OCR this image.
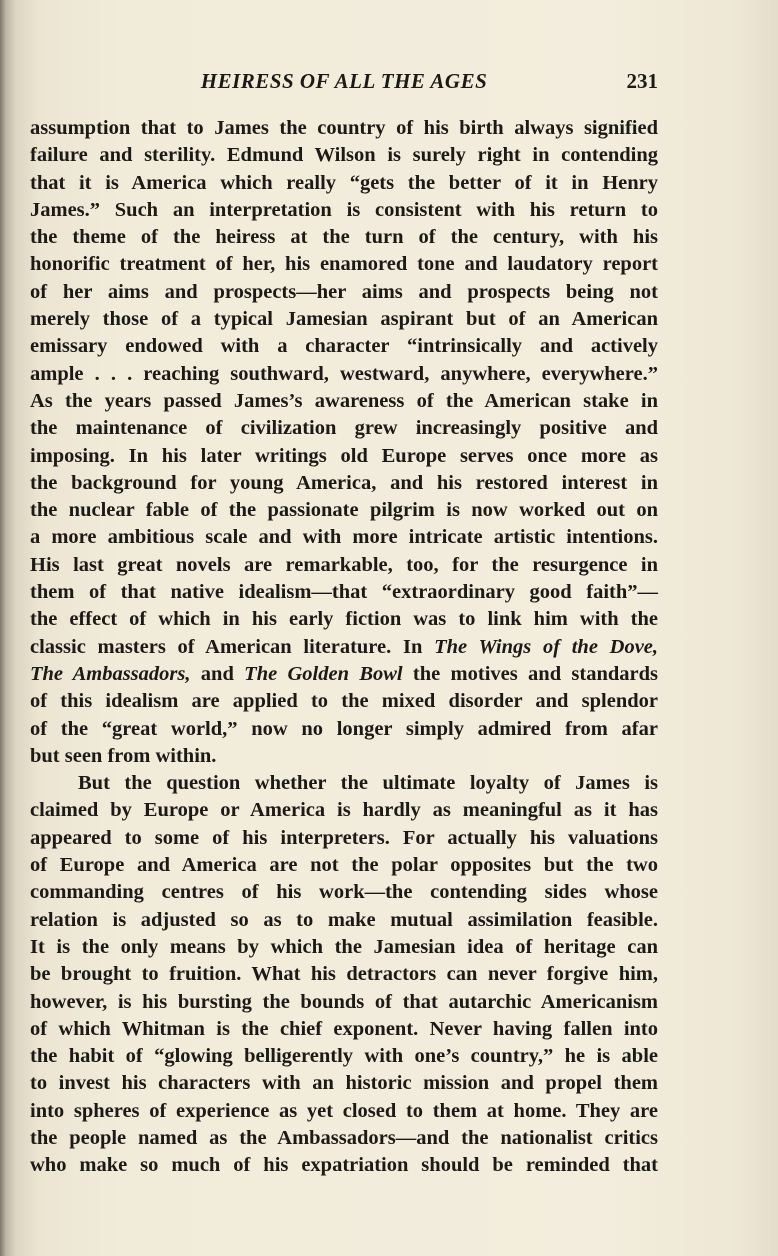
HEIRESS OF ALL THE AGES	231
assumption that to James the country of his birth always signified
failure and sterility. Edmund Wilson is surely right in contending
that it is America which really “gets the better of it in Henry
James.” Such an interpretation is consistent with his return to
the theme of the heiress at the turn of the century, with his
honorific treatment of her, his enamored tone and laudatory report
of her aims and prospects—her aims and prospects being not
merely those of a typical Jamesian aspirant but of an American
emissary endowed with a character “intrinsically and actively
ample . . . reaching southward, westward, anywhere, everywhere.”
As the years passed James’s awareness of the American stake in
the maintenance of civilization grew increasingly positive and
imposing. In his later writings old Europe serves once more as
the background for young America, and his restored interest in
the nuclear fable of the passionate pilgrim is now worked out on
a more ambitious scale and with more intricate artistic intentions.
His last great novels are remarkable, too, for the resurgence in
them of that native idealism—that “extraordinary good faith”—
the effect of which in his early fiction was to link him with the
classic masters of American literature. In The Wings of the Dove,
The Ambassadors, and The Golden Bowl the motives and standards
of this idealism are applied to the mixed disorder and splendor
of the “great world,” now no longer simply admired from afar
but seen from within.
But the question whether the ultimate loyalty of James is
claimed by Europe or America is hardly as meaningful as it has
appeared to some of his interpreters. For actually his valuations
of Europe and America are not the polar opposites but the two
commanding centres of his work—the contending sides whose
relation is adjusted so as to make mutual assimilation feasible.
It is the only means by which the Jamesian idea of heritage can
be brought to fruition. What his detractors can never forgive him,
however, is his bursting the bounds of that autarchic Americanism
of which Whitman is the chief exponent. Never having fallen into
the habit of “glowing belligerently with one’s country,” he is able
to invest his characters with an historic mission and propel them
into spheres of experience as yet closed to them at home. They are
the people named as the Ambassadors—and the nationalist critics
who make so much of his expatriation should be reminded that
